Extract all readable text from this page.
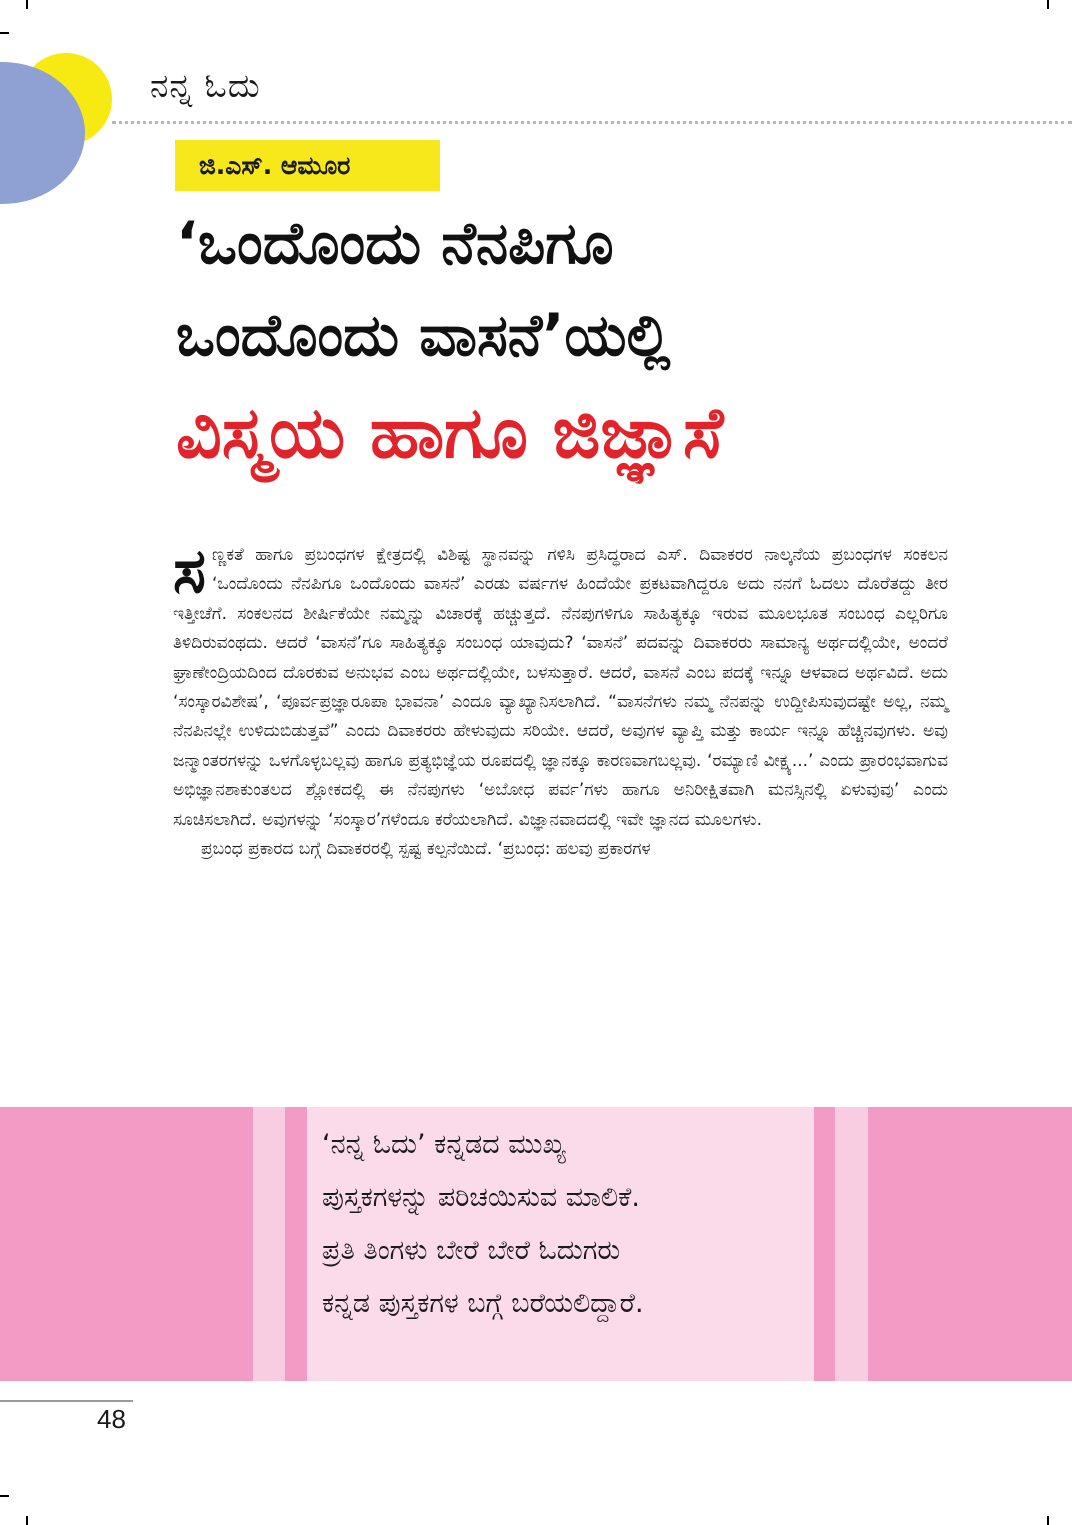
ನನ್ನ ಓದು
ಜಿ.ಎಸ್. ಆಮೂರ
‘ಒಂದೊಂದು ನೆನಪಿಗೂ
ಒಂದೊಂದು ವಾಸನೆ’ಯಲ್ಲಿ
ವಿಸ್ಮಯ ಹಾಗೂ ಜಿಜ್ಞಾಸೆ

ಸಣ್ಣಕತೆ ಹಾಗೂ ಪ್ರಬಂಧಗಳ ಕ್ಷೇತ್ರದಲ್ಲಿ ವಿಶಿಷ್ಟ ಸ್ಥಾನವನ್ನು ಗಳಿಸಿ ಪ್ರಸಿದ್ಧರಾದ ಎಸ್. ದಿವಾಕರರ ನಾಲ್ಕನೆಯ ಪ್ರಬಂಧಗಳ ಸಂಕಲನ ‘ಒಂದೊಂದು ನೆನಪಿಗೂ ಒಂದೊಂದು ವಾಸನೆ’ ಎರಡು ವರ್ಷಗಳ ಹಿಂದೆಯೇ ಪ್ರಕಟವಾಗಿದ್ದರೂ ಅದು ನನಗೆ ಓದಲು ದೊರೆತದ್ದು ತೀರ ಇತ್ತೀಚೆಗೆ. ಸಂಕಲನದ ಶೀರ್ಷಿಕೆಯೇ ನಮ್ಮನ್ನು ವಿಚಾರಕ್ಕೆ ಹಚ್ಚುತ್ತದೆ. ನೆನಪುಗಳಿಗೂ ಸಾಹಿತ್ಯಕ್ಕೂ ಇರುವ ಮೂಲಭೂತ ಸಂಬಂಧ ಎಲ್ಲರಿಗೂ ತಿಳಿದಿರುವಂಥದು. ಆದರೆ ‘ವಾಸನೆ’ಗೂ ಸಾಹಿತ್ಯಕ್ಕೂ ಸಂಬಂಧ ಯಾವುದು? ‘ವಾಸನೆ’ ಪದವನ್ನು ದಿವಾಕರರು ಸಾಮಾನ್ಯ ಅರ್ಥದಲ್ಲಿಯೇ, ಅಂದರೆ ಘ್ರಾಣೇಂದ್ರಿಯದಿಂದ ದೊರಕುವ ಅನುಭವ ಎಂಬ ಅರ್ಥದಲ್ಲಿಯೇ, ಬಳಸುತ್ತಾರೆ. ಆದರೆ, ವಾಸನೆ ಎಂಬ ಪದಕ್ಕೆ ಇನ್ನೂ ಆಳವಾದ ಅರ್ಥವಿದೆ. ಅದು ‘ಸಂಸ್ಕಾರವಿಶೇಷ’, ‘ಪೂರ್ವಪ್ರಜ್ಞಾರೂಪಾ ಭಾವನಾ’ ಎಂದೂ ವ್ಯಾಖ್ಯಾನಿಸಲಾಗಿದೆ. “ವಾಸನೆಗಳು ನಮ್ಮ ನೆನಪನ್ನು ಉದ್ದೀಪಿಸುವುದಷ್ಟೇ ಅಲ್ಲ, ನಮ್ಮ ನೆನಪಿನಲ್ಲೇ ಉಳಿದುಬಿಡುತ್ತವೆ” ಎಂದು ದಿವಾಕರರು ಹೇಳುವುದು ಸರಿಯೇ. ಆದರೆ, ಅವುಗಳ ವ್ಯಾಪ್ತಿ ಮತ್ತು ಕಾರ್ಯ ಇನ್ನೂ ಹೆಚ್ಚಿನವುಗಳು. ಅವು ಜನ್ಮಾಂತರಗಳನ್ನು ಒಳಗೊಳ್ಳಬಲ್ಲವು ಹಾಗೂ ಪ್ರತ್ಯಭಿಜ್ಞೆಯ ರೂಪದಲ್ಲಿ ಜ್ಞಾನಕ್ಕೂ ಕಾರಣವಾಗಬಲ್ಲವು. ‘ರಮ್ಯಾಣಿ ವೀಕ್ಷ್ಯ...’ ಎಂದು ಪ್ರಾರಂಭವಾಗುವ ಅಭಿಜ್ಞಾನಶಾಕುಂತಲದ ಶ್ಲೋಕದಲ್ಲಿ ಈ ನೆನಪುಗಳು ‘ಅಬೋಧ ಪರ್ವ’ಗಳು ಹಾಗೂ ಅನಿರೀಕ್ಷಿತವಾಗಿ ಮನಸ್ಸಿನಲ್ಲಿ ಏಳುವುವು’ ಎಂದು ಸೂಚಿಸಲಾಗಿದೆ. ಅವುಗಳನ್ನು ‘ಸಂಸ್ಕಾರ’ಗಳೆಂದೂ ಕರೆಯಲಾಗಿದೆ. ವಿಜ್ಞಾನವಾದದಲ್ಲಿ ಇವೇ ಜ್ಞಾನದ ಮೂಲಗಳು.

ಪ್ರಬಂಧ ಪ್ರಕಾರದ ಬಗ್ಗೆ ದಿವಾಕರರಲ್ಲಿ ಸ್ಪಷ್ಟ ಕಲ್ಪನೆಯಿದೆ. ‘ಪ್ರಬಂಧ: ಹಲವು ಪ್ರಕಾರಗಳ

‘ನನ್ನ ಓದು’ ಕನ್ನಡದ ಮುಖ್ಯ
ಪುಸ್ತಕಗಳನ್ನು ಪರಿಚಯಿಸುವ ಮಾಲಿಕೆ.
ಪ್ರತಿ ತಿಂಗಳು ಬೇರೆ ಬೇರೆ ಓದುಗರು
ಕನ್ನಡ ಪುಸ್ತಕಗಳ ಬಗ್ಗೆ ಬರೆಯಲಿದ್ದಾರೆ.
48
